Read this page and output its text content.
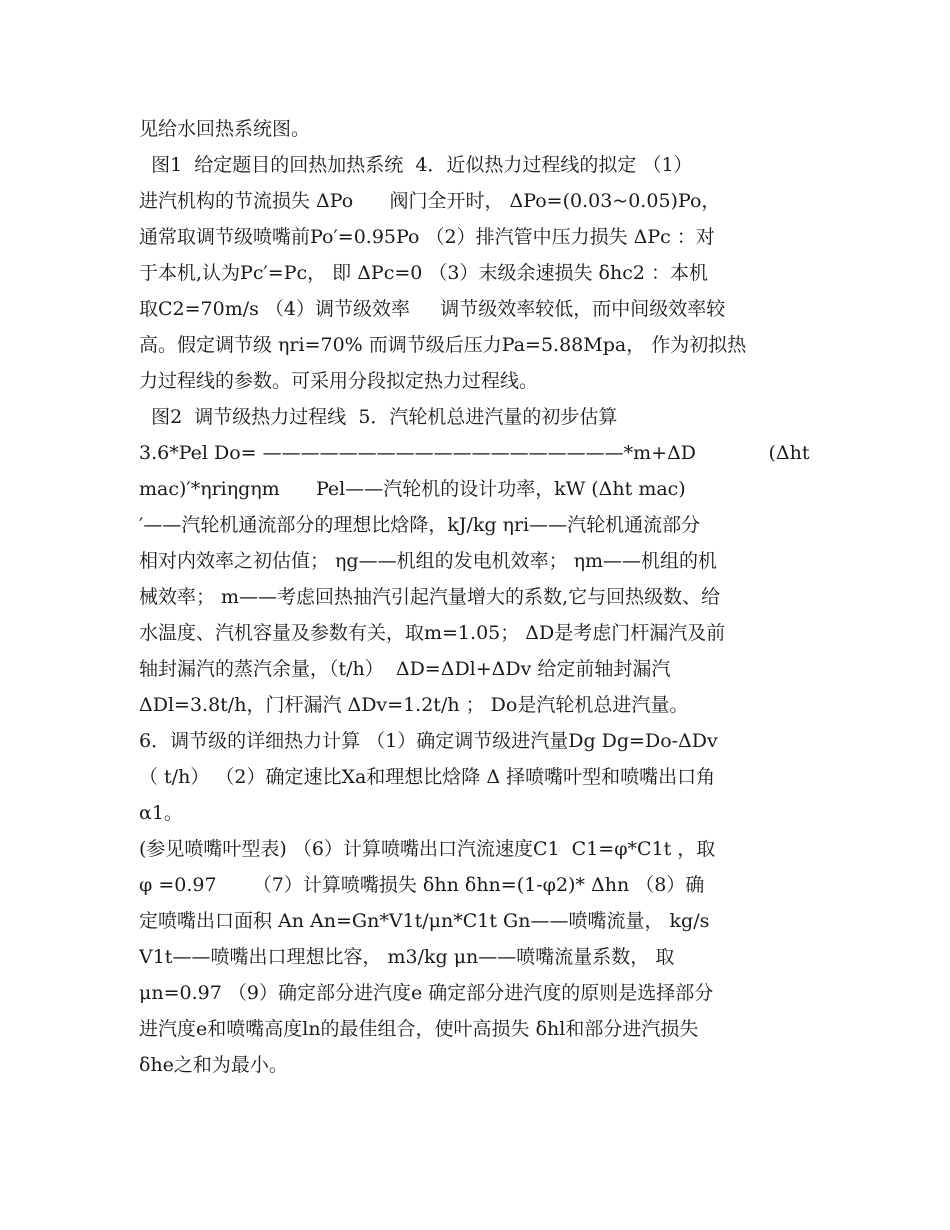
见给水回热系统图。
图1  给定题目的回热加热系统  4．近似热力过程线的拟定 （1）
进汽机构的节流损失 ΔPo      阀门全开时， ΔPo=(0.03~0.05)Po，
通常取调节级喷嘴前Po′=0.95Po （2）排汽管中压力损失 ΔPc ：对
于本机,认为Pc′=Pc， 即 ΔPc=0 （3）末级余速损失 δhc2 ：本机
取C2=70m/s （4）调节级效率     调节级效率较低，而中间级效率较
高。假定调节级 ηri=70% 而调节级后压力Pa=5.88Mpa， 作为初拟热
力过程线的参数。可采用分段拟定热力过程线。
图2  调节级热力过程线  5．汽轮机总进汽量的初步估算
3.6*Pel Do= ———————————————————*m+ΔD            (Δht
mac)′*ηriηgηm      Pel——汽轮机的设计功率，kW (Δht mac)
′——汽轮机通流部分的理想比焓降，kJ/kg ηri——汽轮机通流部分
相对内效率之初估值； ηg——机组的发电机效率； ηm——机组的机
械效率； m——考虑回热抽汽引起汽量增大的系数,它与回热级数、给
水温度、汽机容量及参数有关，取m=1.05； ΔD是考虑门杆漏汽及前
轴封漏汽的蒸汽余量，（t/h）  ΔD=ΔDl+ΔDv 给定前轴封漏汽
ΔDl=3.8t/h，门杆漏汽 ΔDv=1.2t/h ； Do是汽轮机总进汽量。
6．调节级的详细热力计算 （1）确定调节级进汽量Dg Dg=Do-ΔDv
（ t/h） （2）确定速比Xa和理想比焓降 Δ 择喷嘴叶型和喷嘴出口角
α1。
(参见喷嘴叶型表) （6）计算喷嘴出口汽流速度C1  C1=φ*C1t ，取
φ =0.97      （7）计算喷嘴损失 δhn δhn=(1-φ2)* Δhn （8）确
定喷嘴出口面积 An An=Gn*V1t/μn*C1t Gn——喷嘴流量， kg/s
V1t——喷嘴出口理想比容， m3/kg μn——喷嘴流量系数， 取
μn=0.97 （9）确定部分进汽度e 确定部分进汽度的原则是选择部分
进汽度e和喷嘴高度ln的最佳组合，使叶高损失 δhl和部分进汽损失
δhe之和为最小。
